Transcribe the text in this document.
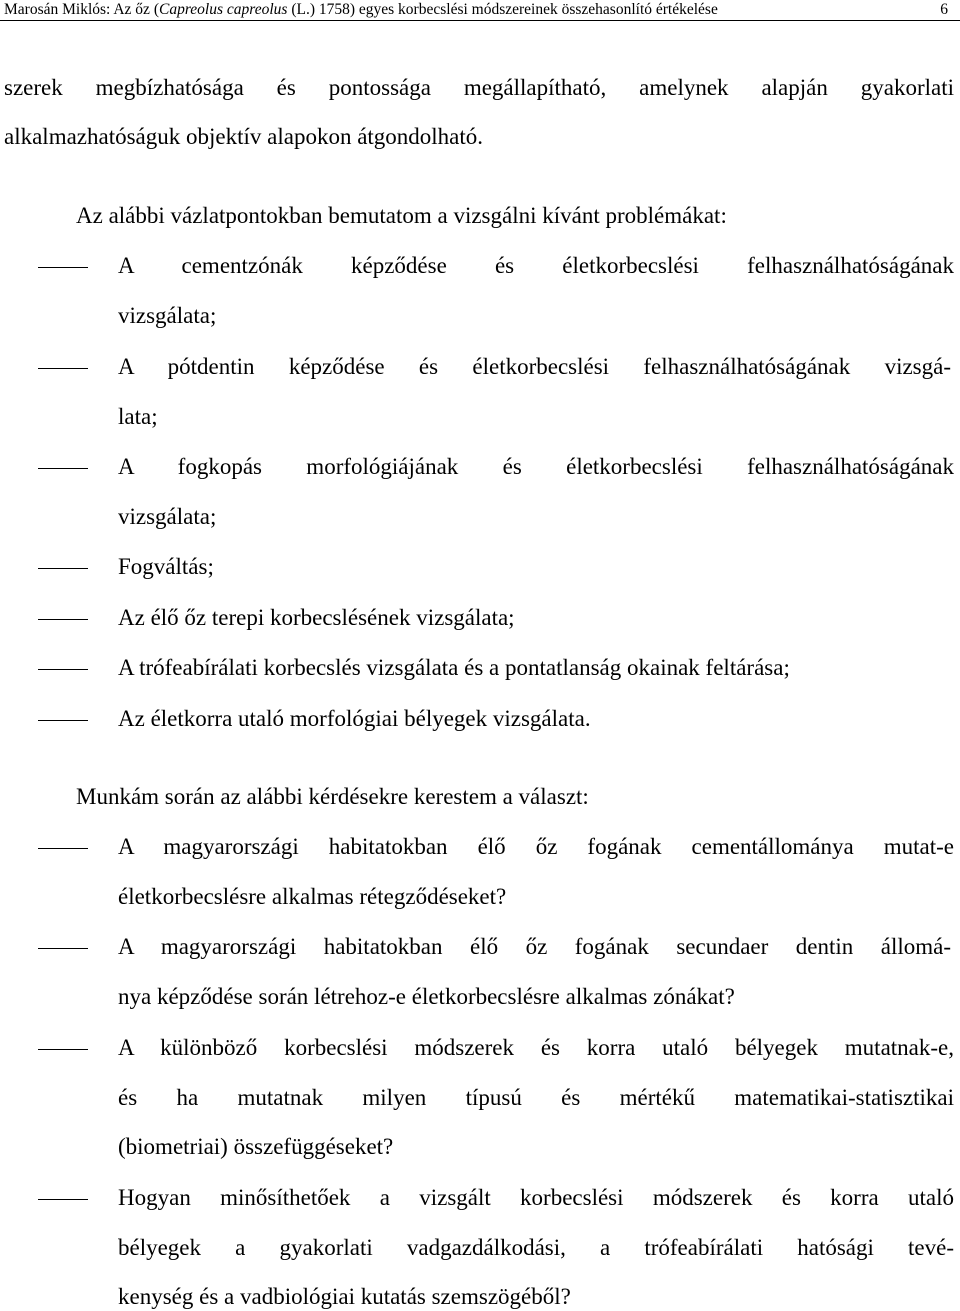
Marosán Miklós: Az őz (Capreolus capreolus (L.) 1758) egyes korbecslési módszereinek összehasonlító értékelése	6
szerek megbízhatósága és pontossága megállapítható, amelynek alapján gyakorlati
alkalmazhatóságuk objektív alapokon átgondolható.
Az alábbi vázlatpontokban bemutatom a vizsgálni kívánt problémákat:
A cementzónák képződése és életkorbecslési felhasználhatóságának
vizsgálata;
A pótdentin képződése és életkorbecslési felhasználhatóságának vizsgá-
lata;
A fogkopás morfológiájának és életkorbecslési felhasználhatóságának
vizsgálata;
Fogváltás;
Az élő őz terepi korbecslésének vizsgálata;
A trófeabírálati korbecslés vizsgálata és a pontatlanság okainak feltárása;
Az életkorra utaló morfológiai bélyegek vizsgálata.
Munkám során az alábbi kérdésekre kerestem a választ:
A magyarországi habitatokban élő őz fogának cementállománya mutat-e
életkorbecslésre alkalmas rétegződéseket?
A magyarországi habitatokban élő őz fogának secundaer dentin állomá-
nya képződése során létrehoz-e életkorbecslésre alkalmas zónákat?
A különböző korbecslési módszerek és korra utaló bélyegek mutatnak-e,
és ha mutatnak milyen típusú és mértékű matematikai-statisztikai
(biometriai) összefüggéseket?
Hogyan minősíthetőek a vizsgált korbecslési módszerek és korra utaló
bélyegek a gyakorlati vadgazdálkodási, a trófeabírálati hatósági tevé-
kenység és a vadbiológiai kutatás szemszögéből?
